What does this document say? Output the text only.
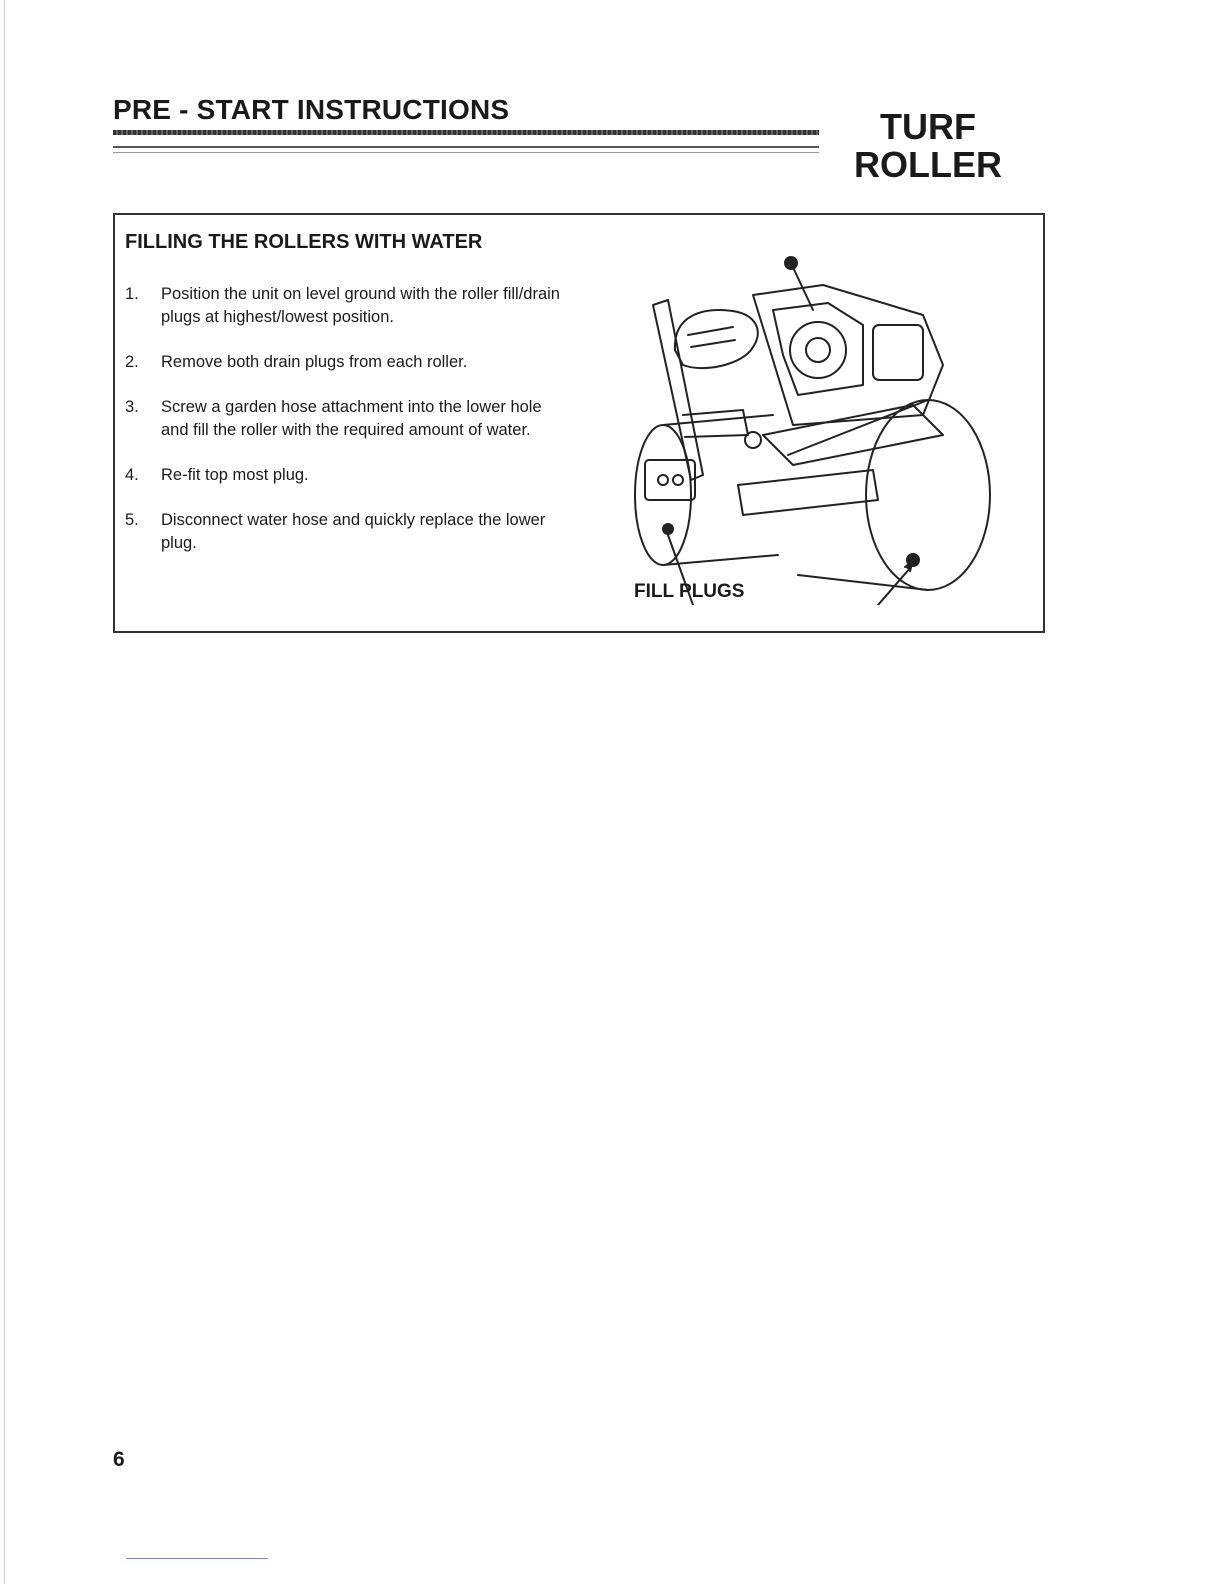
PRE - START INSTRUCTIONS	TURF
ROLLER
FILLING THE ROLLERS WITH WATER
1.	Position the unit on level ground with the roller fill/drain plugs at highest/lowest position.
2.	Remove both drain plugs from each roller.
3.	Screw a garden hose attachment into the lower hole and fill the roller with the required amount of water.
4.	Re-fit top most plug.
5.	Disconnect water hose and quickly replace the lower plug.
FILL PLUGS
6
